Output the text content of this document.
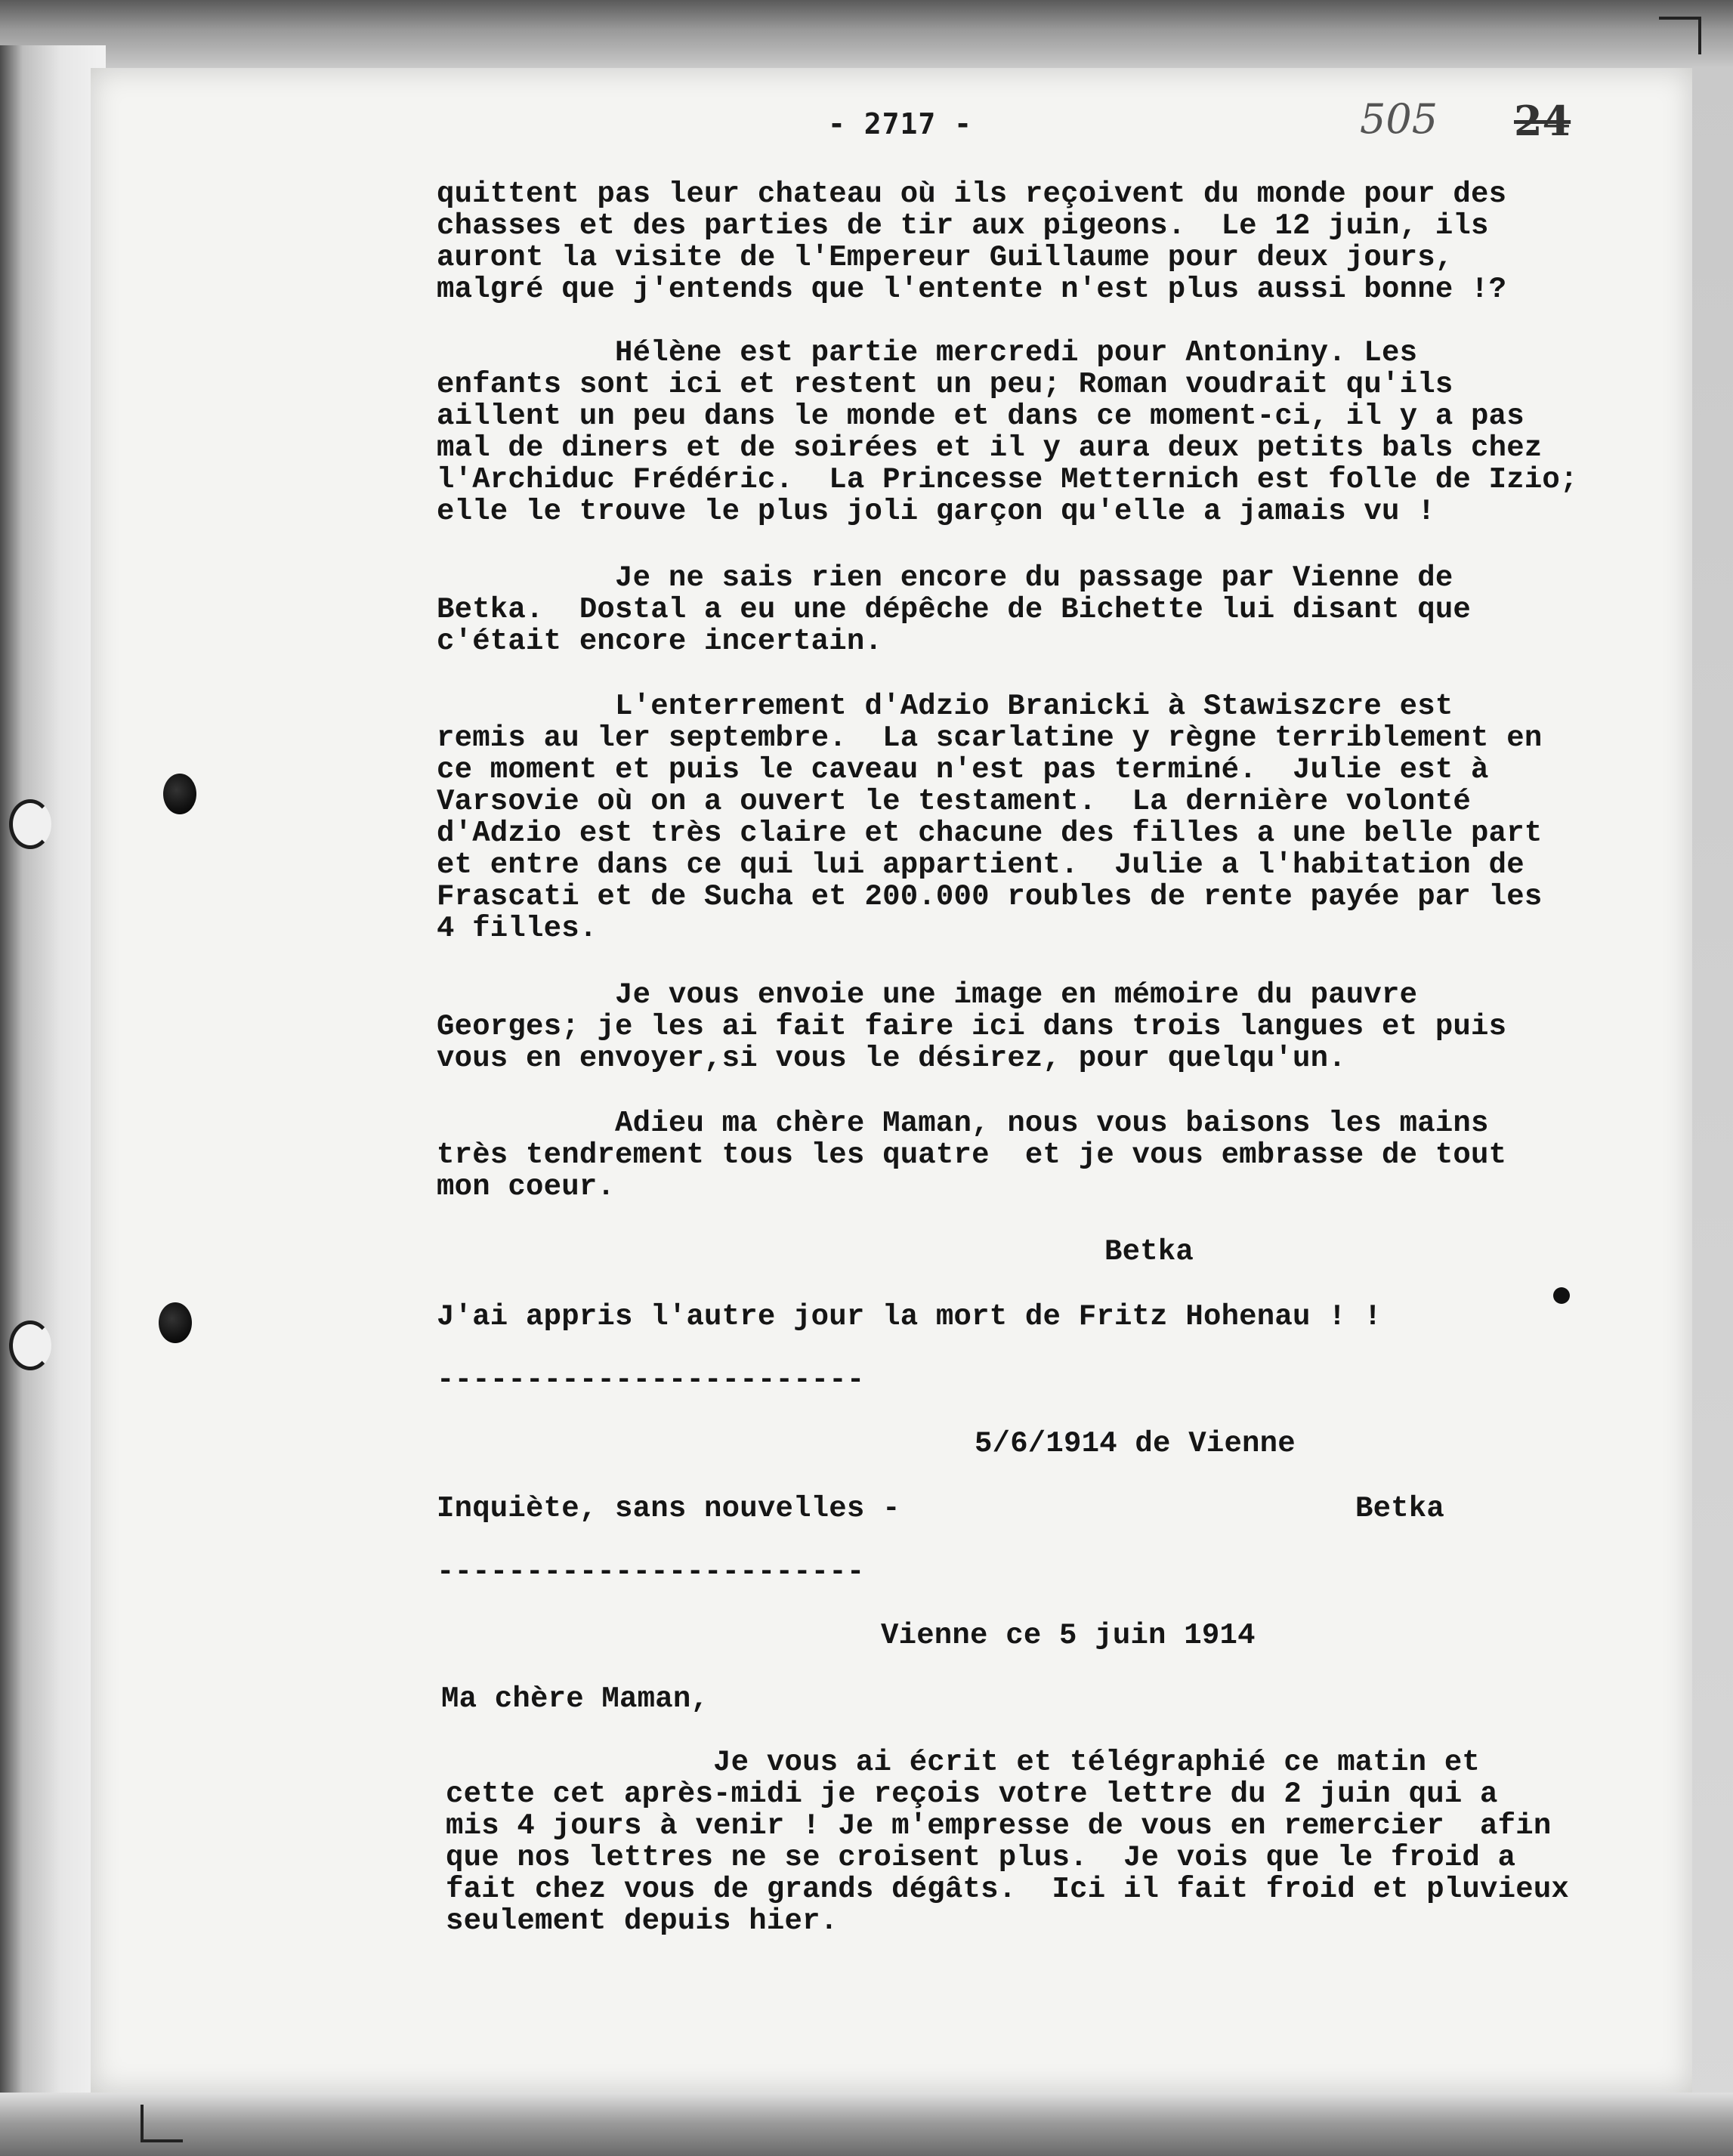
- 2717 -	505 24
quittent pas leur chateau où ils reçoivent du monde pour des
chasses et des parties de tir aux pigeons.  Le 12 juin, ils
auront la visite de l'Empereur Guillaume pour deux jours,
malgré que j'entends que l'entente n'est plus aussi bonne !?
Hélène est partie mercredi pour Antoniny. Les
enfants sont ici et restent un peu; Roman voudrait qu'ils
aillent un peu dans le monde et dans ce moment-ci, il y a pas
mal de diners et de soirées et il y aura deux petits bals chez
l'Archiduc Frédéric.  La Princesse Metternich est folle de Izio;
elle le trouve le plus joli garçon qu'elle a jamais vu !
Je ne sais rien encore du passage par Vienne de
Betka.  Dostal a eu une dépêche de Bichette lui disant que
c'était encore incertain.
L'enterrement d'Adzio Branicki à Stawiszcre est
remis au ler septembre.  La scarlatine y règne terriblement en
ce moment et puis le caveau n'est pas terminé.  Julie est à
Varsovie où on a ouvert le testament.  La dernière volonté
d'Adzio est très claire et chacune des filles a une belle part
et entre dans ce qui lui appartient.  Julie a l'habitation de
Frascati et de Sucha et 200.000 roubles de rente payée par les
4 filles.
Je vous envoie une image en mémoire du pauvre
Georges; je les ai fait faire ici dans trois langues et puis
vous en envoyer,si vous le désirez, pour quelqu'un.
Adieu ma chère Maman, nous vous baisons les mains
très tendrement tous les quatre  et je vous embrasse de tout
mon coeur.
Betka
J'ai appris l'autre jour la mort de Fritz Hohenau ! !
------------------------
5/6/1914 de Vienne
Inquiète, sans nouvelles -	Betka
------------------------
Vienne ce 5 juin 1914
Ma chère Maman,
Je vous ai écrit et télégraphié ce matin et
cette cet après-midi je reçois votre lettre du 2 juin qui a
mis 4 jours à venir ! Je m'empresse de vous en remercier  afin
que nos lettres ne se croisent plus.  Je vois que le froid a
fait chez vous de grands dégâts.  Ici il fait froid et pluvieux
seulement depuis hier.
